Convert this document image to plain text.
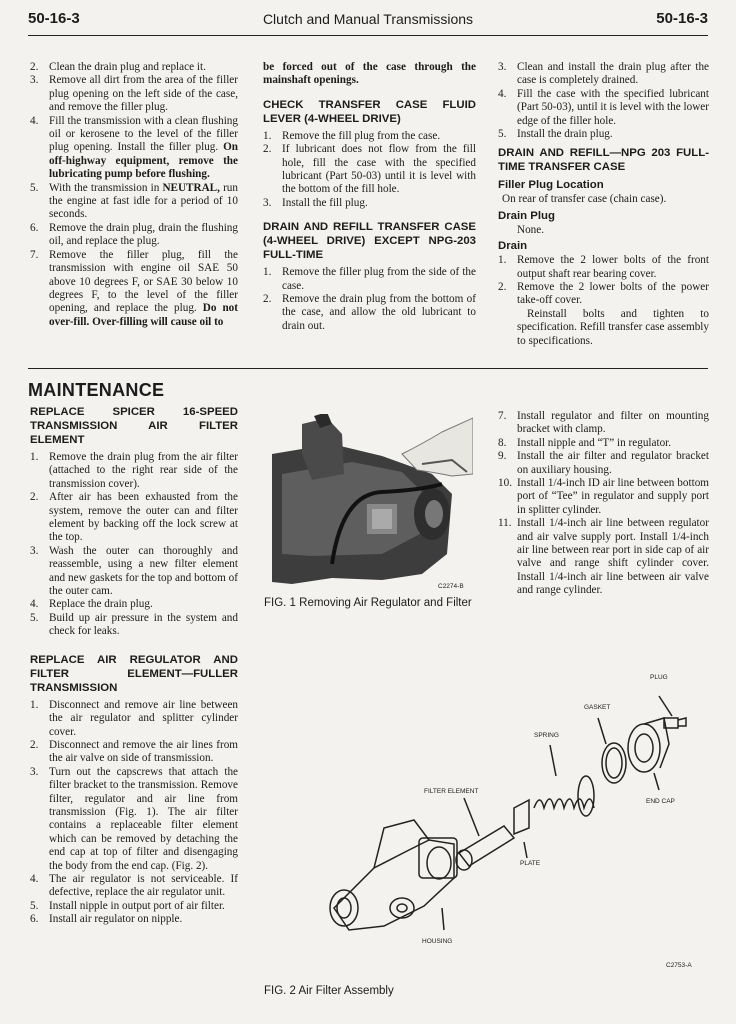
50-16-3	Clutch and Manual Transmissions	50-16-3
2. Clean the drain plug and replace it.
3. Remove all dirt from the area of the filler plug opening on the left side of the case, and remove the filler plug.
4. Fill the transmission with a clean flushing oil or kerosene to the level of the filler plug opening. Install the filler plug. On off-highway equipment, remove the lubricating pump before flushing.
5. With the transmission in NEUTRAL, run the engine at fast idle for a period of 10 seconds.
6. Remove the drain plug, drain the flushing oil, and replace the plug.
7. Remove the filler plug, fill the transmission with engine oil SAE 50 above 10 degrees F, or SAE 30 below 10 degrees F, to the level of the filler opening, and replace the plug. Do not over-fill. Over-filling will cause oil to

be forced out of the case through the mainshaft openings.

CHECK TRANSFER CASE FLUID LEVER (4-WHEEL DRIVE)
1. Remove the fill plug from the case.
2. If lubricant does not flow from the fill hole, fill the case with the specified lubricant (Part 50-03) until it is level with the bottom of the fill hole.
3. Install the fill plug.
DRAIN AND REFILL TRANSFER CASE (4-WHEEL DRIVE) EXCEPT NPG-203 FULL-TIME
1. Remove the filler plug from the side of the case.
2. Remove the drain plug from the bottom of the case, and allow the old lubricant to drain out.
3. Clean and install the drain plug after the case is completely drained.
4. Fill the case with the specified lubricant (Part 50-03), until it is level with the lower edge of the filler hole.
5. Install the drain plug.
DRAIN AND REFILL—NPG 203 FULL-TIME TRANSFER CASE
Filler Plug Location

On rear of transfer case (chain case).

Drain Plug

None.

Drain
1. Remove the 2 lower bolts of the front output shaft rear bearing cover.
2. Remove the 2 lower bolts of the power take-off cover.

Reinstall bolts and tighten to specification. Refill transfer case assembly to specifications.

MAINTENANCE
REPLACE SPICER 16-SPEED TRANSMISSION AIR FILTER ELEMENT
1. Remove the drain plug from the air filter (attached to the right rear side of the transmission cover).
2. After air has been exhausted from the system, remove the outer can and filter element by backing off the lock screw at the top.
3. Wash the outer can thoroughly and reassemble, using a new filter element and new gaskets for the top and bottom of the outer cam.
4. Replace the drain plug.
5. Build up air pressure in the system and check for leaks.
REPLACE AIR REGULATOR AND FILTER ELEMENT—FULLER TRANSMISSION
1. Disconnect and remove air line between the air regulator and splitter cylinder cover.
2. Disconnect and remove the air lines from the air valve on side of transmission.
3. Turn out the capscrews that attach the filter bracket to the transmission. Remove filter, regulator and air line from transmission (Fig. 1). The air filter contains a replaceable filter element which can be removed by detaching the end cap at top of filter and disengaging the body from the end cap. (Fig. 2).
4. The air regulator is not serviceable. If defective, replace the air regulator unit.
5. Install nipple in output port of air filter.
6. Install air regulator on nipple.
C2274-B
FIG. 1 Removing Air Regulator and Filter
7. Install regulator and filter on mounting bracket with clamp.
8. Install nipple and “T” in regulator.
9. Install the air filter and regulator bracket on auxiliary housing.
10. Install 1/4-inch ID air line between bottom port of “Tee” in regulator and supply port in splitter cylinder.
11. Install 1/4-inch air line between regulator and air valve supply port. Install 1/4-inch air line between rear port in side cap of air valve and range shift cylinder cover. Install 1/4-inch air line between air valve and range cylinder.
PLUG
GASKET
SPRING
FILTER ELEMENT
END CAP
PLATE
HOUSING
C2753-A
FIG. 2 Air Filter Assembly
